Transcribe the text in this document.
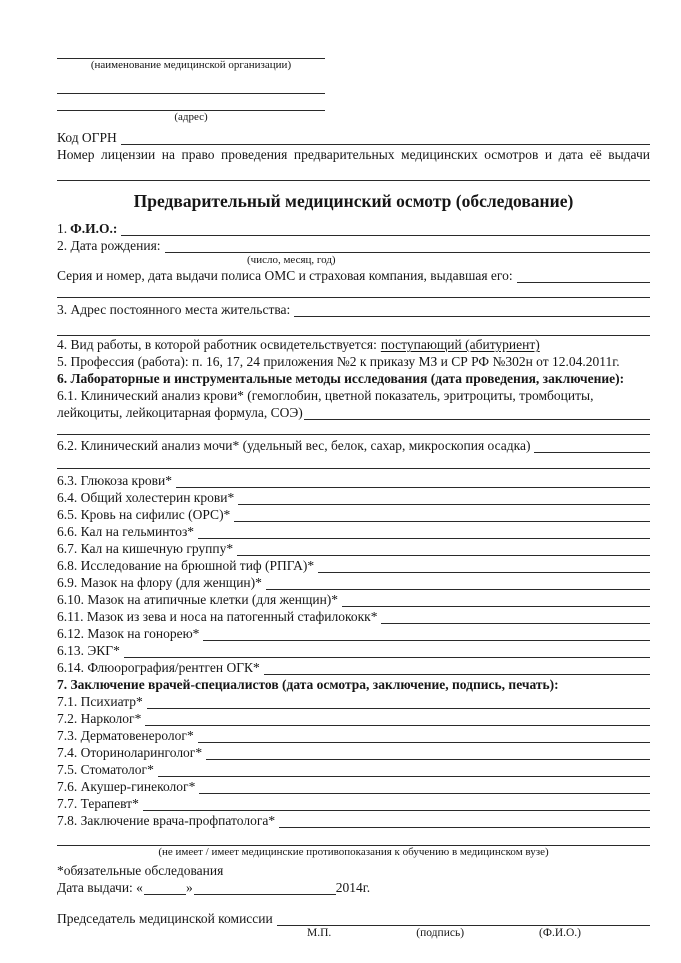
(наименование медицинской организации)
(адрес)
Код ОГРН
Номер лицензии на право проведения предварительных медицинских осмотров и дата её выдачи
Предварительный медицинский осмотр (обследование)
1. Ф.И.О.:
2. Дата рождения:
(число, месяц, год)
Серия и номер, дата выдачи полиса ОМС и страховая компания, выдавшая его:
3. Адрес постоянного места жительства:
4. Вид работы, в которой работник освидетельствуется: поступающий (абитуриент)
5. Профессия (работа): п. 16, 17, 24 приложения №2 к приказу МЗ и СР РФ №302н от 12.04.2011г.
6. Лабораторные и инструментальные методы исследования (дата проведения, заключение):
6.1. Клинический анализ крови* (гемоглобин, цветной показатель, эритроциты, тромбоциты,
лейкоциты, лейкоцитарная формула, СОЭ)
6.2. Клинический анализ мочи* (удельный вес, белок, сахар, микроскопия осадка)
6.3. Глюкоза крови*
6.4. Общий холестерин крови*
6.5. Кровь на сифилис (ОРС)*
6.6. Кал на гельминтоз*
6.7. Кал на кишечную группу*
6.8. Исследование на брюшной тиф (РПГА)*
6.9. Мазок на флору (для женщин)*
6.10. Мазок на атипичные клетки (для женщин)*
6.11. Мазок из зева и носа на патогенный стафилококк*
6.12. Мазок на гонорею*
6.13. ЭКГ*
6.14. Флюорография/рентген ОГК*
7. Заключение врачей-специалистов (дата осмотра, заключение, подпись, печать):
7.1. Психиатр*
7.2. Нарколог*
7.3. Дерматовенеролог*
7.4. Оториноларинголог*
7.5. Стоматолог*
7.6. Акушер-гинеколог*
7.7. Терапевт*
7.8. Заключение врача-профпатолога*
(не имеет / имеет медицинские противопоказания к обучению в медицинском вузе)
*обязательные обследования
Дата выдачи: «	»	2014г.
Председатель медицинской комиссии
М.П.	(подпись)	(Ф.И.О.)
